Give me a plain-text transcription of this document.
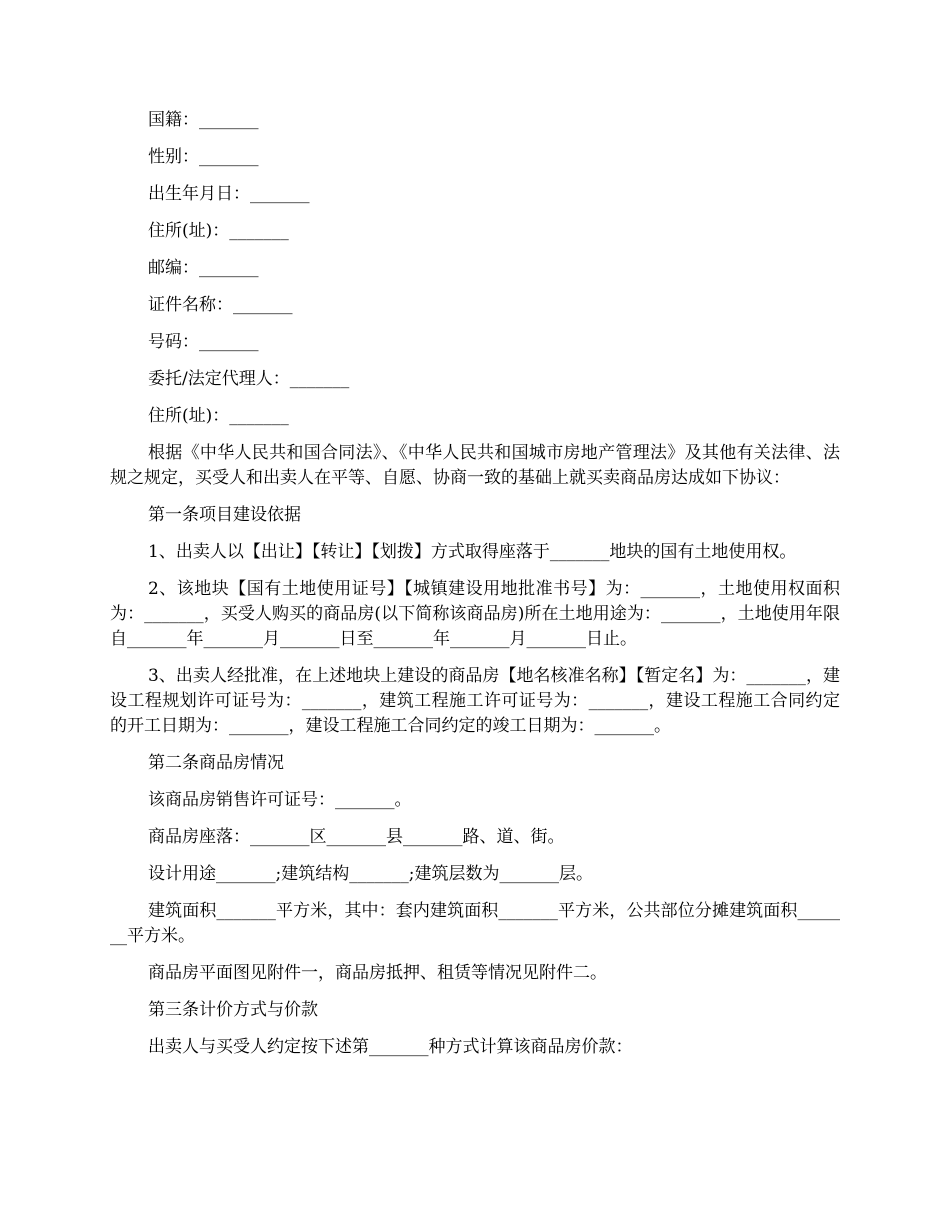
国籍：_______

性别：_______

出生年月日：_______

住所(址)：_______

邮编：_______

证件名称：_______

号码：_______

委托/法定代理人：_______

住所(址)：_______

根据《中华人民共和国合同法》、《中华人民共和国城市房地产管理法》及其他有关法律、法规之规定，买受人和出卖人在平等、自愿、协商一致的基础上就买卖商品房达成如下协议：

第一条项目建设依据

1、出卖人以【出让】【转让】【划拨】方式取得座落于_______地块的国有土地使用权。

2、该地块【国有土地使用证号】【城镇建设用地批准书号】为：_______，土地使用权面积为：_______，买受人购买的商品房(以下简称该商品房)所在土地用途为：_______，土地使用年限自_______年_______月_______日至_______年_______月_______日止。

3、出卖人经批准，在上述地块上建设的商品房【地名核准名称】【暂定名】为：_______，建设工程规划许可证号为：_______，建筑工程施工许可证号为：_______，建设工程施工合同约定的开工日期为：_______，建设工程施工合同约定的竣工日期为：_______。

第二条商品房情况

该商品房销售许可证号：_______。

商品房座落：_______区_______县_______路、道、街。

设计用途_______;建筑结构_______;建筑层数为_______层。

建筑面积_______平方米，其中：套内建筑面积_______平方米，公共部位分摊建筑面积_______平方米。

商品房平面图见附件一，商品房抵押、租赁等情况见附件二。

第三条计价方式与价款

出卖人与买受人约定按下述第_______种方式计算该商品房价款：
